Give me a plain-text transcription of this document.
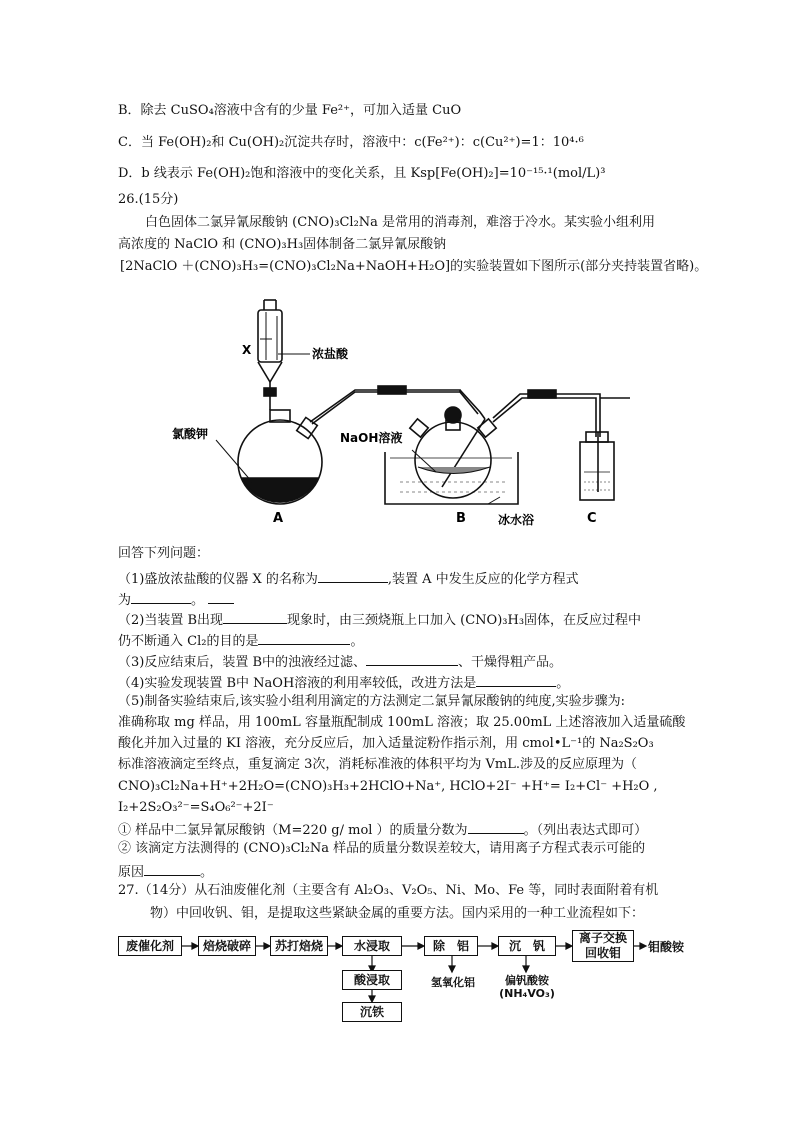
B．除去 CuSO₄溶液中含有的少量 Fe²⁺，可加入适量 CuO
C．当 Fe(OH)₂和 Cu(OH)₂沉淀共存时，溶液中：c(Fe²⁺)：c(Cu²⁺)=1：10⁴·⁶
D．b 线表示 Fe(OH)₂饱和溶液中的变化关系，且 Ksp[Fe(OH)₂]=10⁻¹⁵·¹(mol/L)³
26.(15分)
白色固体二氯异氰尿酸钠 (CNO)₃Cl₂Na 是常用的消毒剂，难溶于冷水。某实验小组利用
高浓度的 NaClO 和 (CNO)₃H₃固体制备二氯异氰尿酸钠
[2NaClO ＋(CNO)₃H₃=(CNO)₃Cl₂Na+NaOH+H₂O]的实验装置如下图所示(部分夹持装置省略)。
X	浓盐酸
氯酸钾	NaOH溶液
冰水浴
A	B	C
回答下列问题：
（1)盛放浓盐酸的仪器 X 的名称为	,装置 A 中发生反应的化学方程式
为	。
（2)当装置 B出现	现象时，由三颈烧瓶上口加入 (CNO)₃H₃固体，在反应过程中
仍不断通入 Cl₂的目的是	。
（3)反应结束后，装置 B中的浊液经过滤、	、干燥得粗产品。
（4)实验发现装置 B中 NaOH溶液的利用率较低，改进方法是	。
（5)制备实验结束后,该实验小组利用滴定的方法测定二氯异氰尿酸钠的纯度,实验步骤为:
准确称取 mg 样品，用 100mL 容量瓶配制成 100mL 溶液；取 25.00mL 上述溶液加入适量硫酸
酸化并加入过量的 KI 溶液，充分反应后，加入适量淀粉作指示剂，用 cmol•L⁻¹的 Na₂S₂O₃
标准溶液滴定至终点，重复滴定 3次，消耗标准液的体积平均为 VmL.涉及的反应原理为（
CNO)₃Cl₂Na+H⁺+2H₂O=(CNO)₃H₃+2HClO+Na⁺, HClO+2I⁻ +H⁺= I₂+Cl⁻ +H₂O ,
I₂+2S₂O₃²⁻=S₄O₆²⁻+2I⁻
① 样品中二氯异氰尿酸钠（M=220 g/ mol ）的质量分数为	。（列出表达式即可）
② 该滴定方法测得的 (CNO)₃Cl₂Na 样品的质量分数误差较大，请用离子方程式表示可能的
原因	。
27.（14分）从石油废催化剂（主要含有 Al₂O₃、V₂O₅、Ni、Mo、Fe 等，同时表面附着有机
物）中回收钒、钼，是提取这些紧缺金属的重要方法。国内采用的一种工业流程如下：
废催化剂	焙烧破碎	苏打焙烧	水浸取	除　铝	沉　钒
离子交换
回收钼	钼酸铵
氢氧化铝	偏钒酸铵
(NH₄VO₃)
酸浸取
沉铁
